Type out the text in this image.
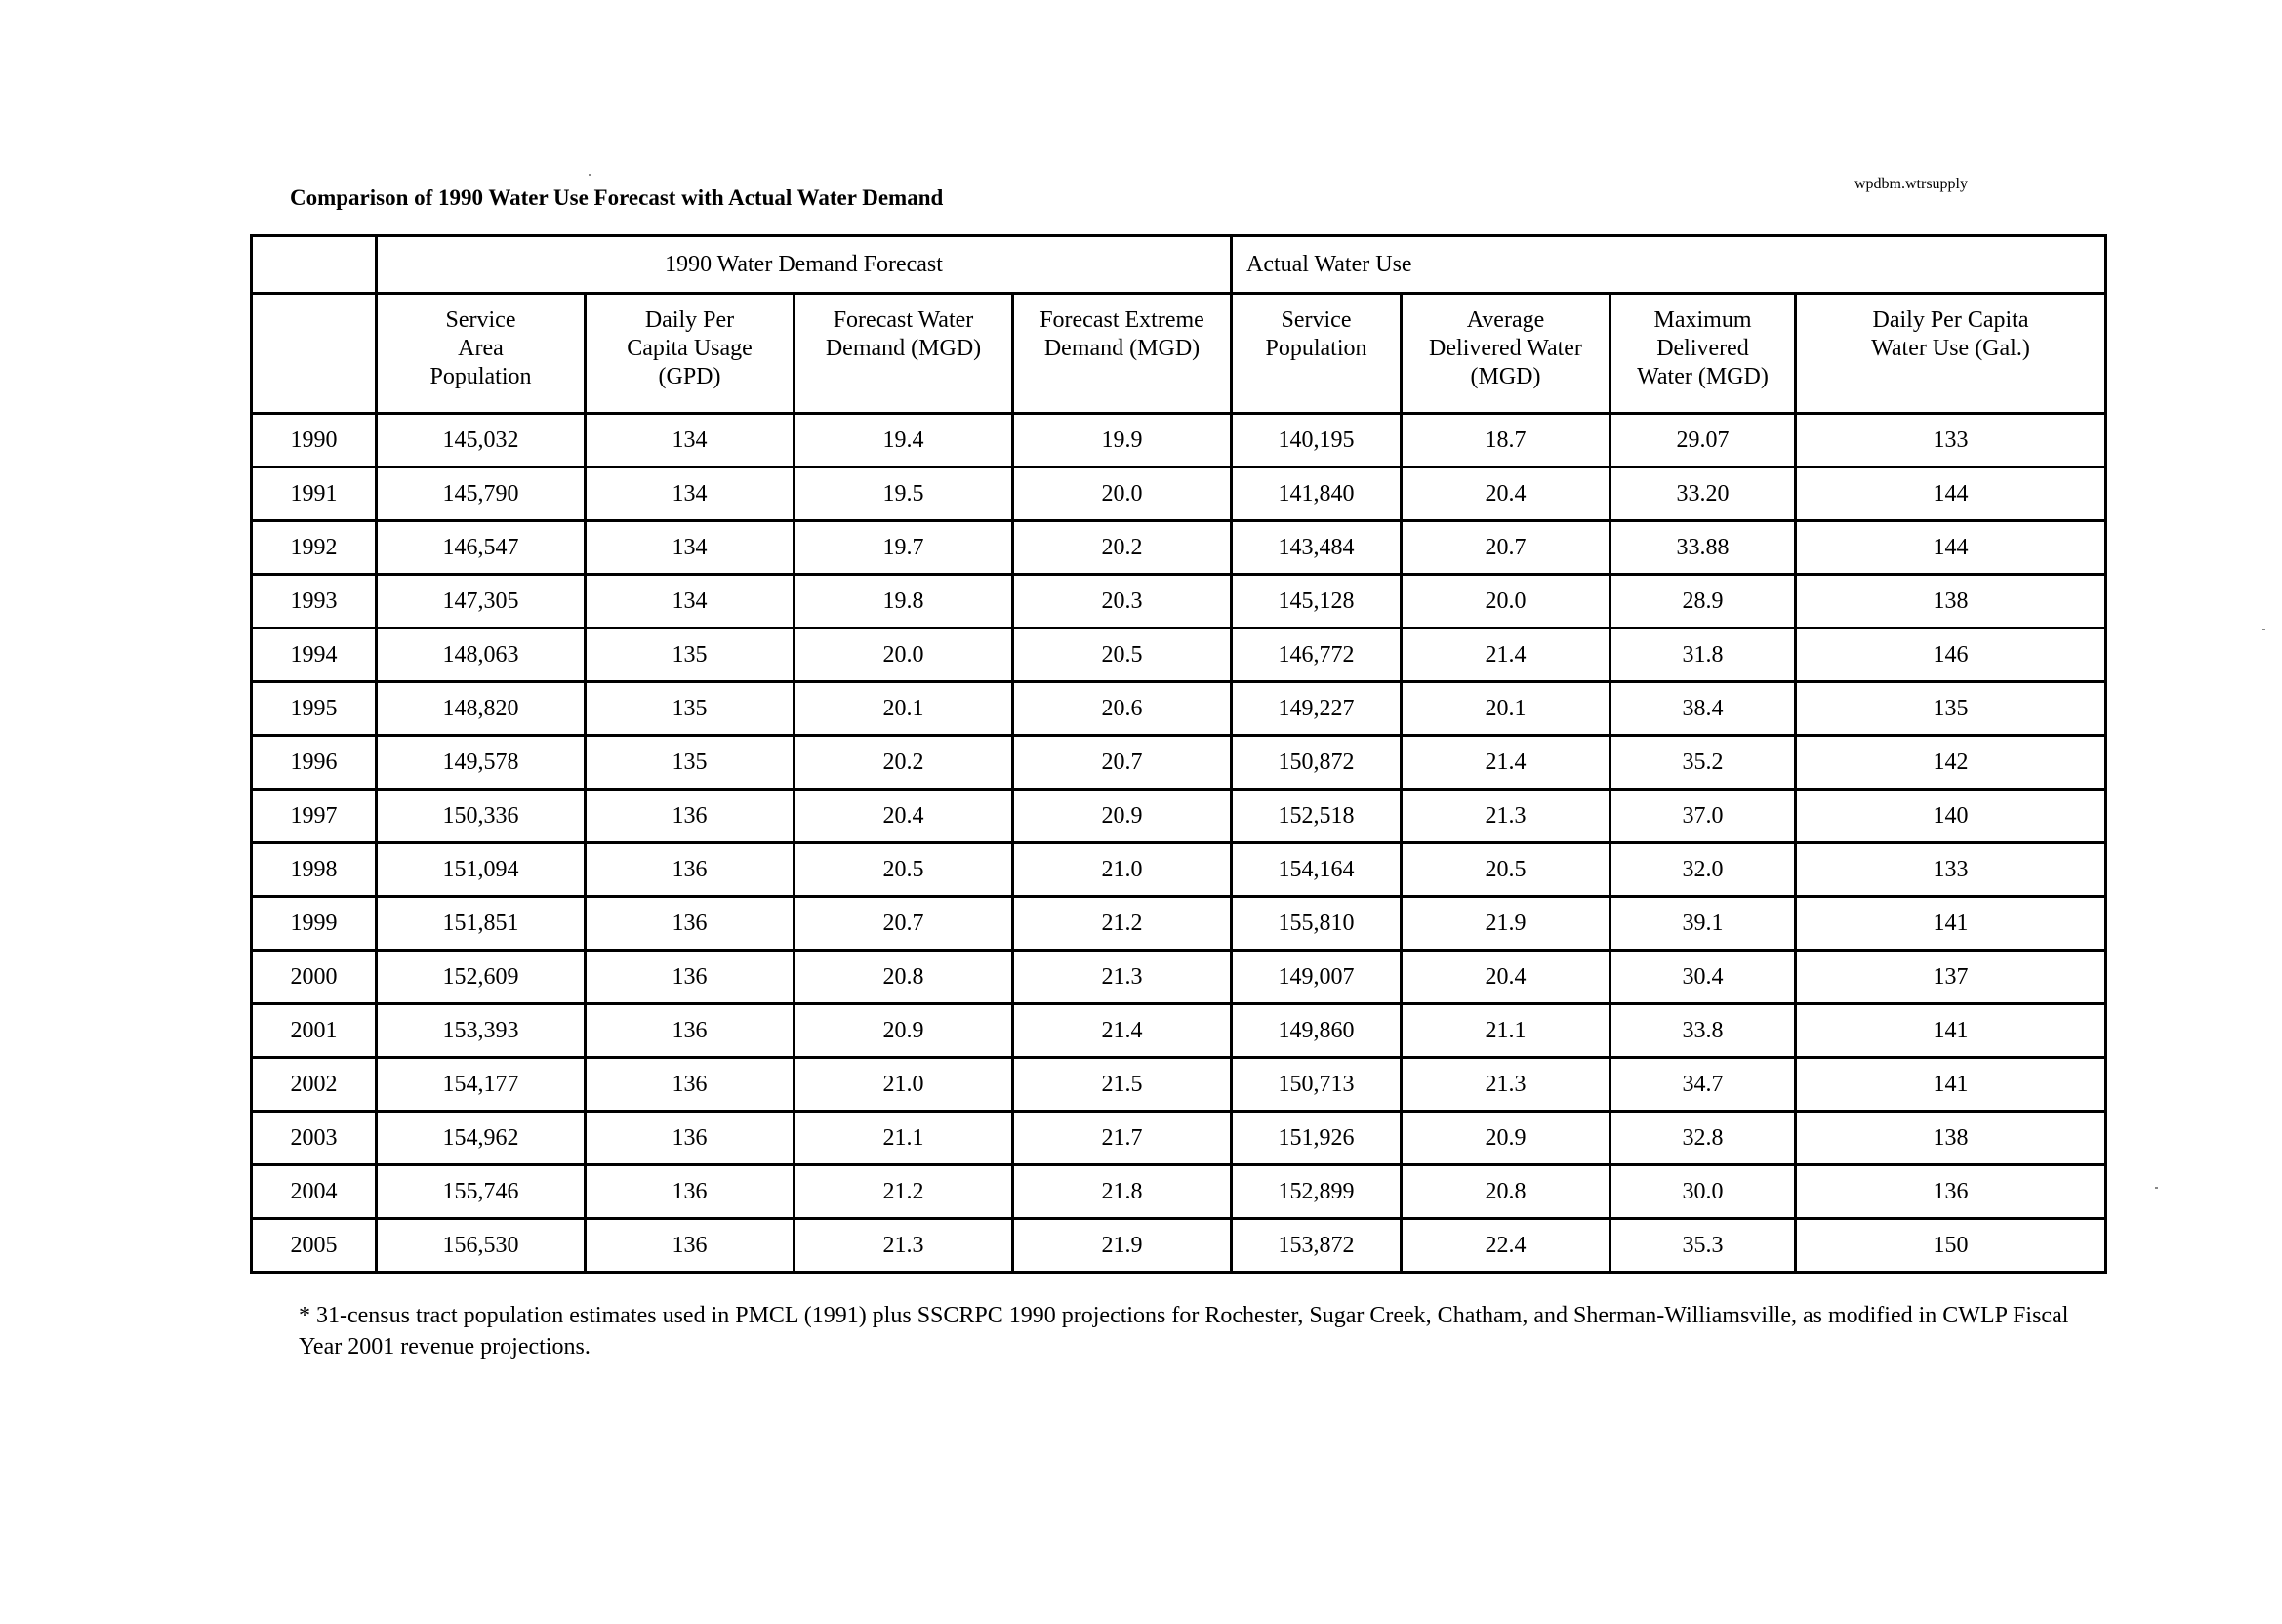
Comparison of 1990 Water Use Forecast with Actual Water Demand
wpdbm.wtrsupply
	1990 Water Demand Forecast				Actual Water Use			
	Service Area Population	Daily Per Capita Usage (GPD)	Forecast Water Demand (MGD)	Forecast Extreme Demand (MGD)	Service Population	Average Delivered Water (MGD)	Maximum Delivered Water (MGD)	Daily Per Capita Water Use (Gal.)
1990	145,032	134	19.4	19.9	140,195	18.7	29.07	133
1991	145,790	134	19.5	20.0	141,840	20.4	33.20	144
1992	146,547	134	19.7	20.2	143,484	20.7	33.88	144
1993	147,305	134	19.8	20.3	145,128	20.0	28.9	138
1994	148,063	135	20.0	20.5	146,772	21.4	31.8	146
1995	148,820	135	20.1	20.6	149,227	20.1	38.4	135
1996	149,578	135	20.2	20.7	150,872	21.4	35.2	142
1997	150,336	136	20.4	20.9	152,518	21.3	37.0	140
1998	151,094	136	20.5	21.0	154,164	20.5	32.0	133
1999	151,851	136	20.7	21.2	155,810	21.9	39.1	141
2000	152,609	136	20.8	21.3	149,007	20.4	30.4	137
2001	153,393	136	20.9	21.4	149,860	21.1	33.8	141
2002	154,177	136	21.0	21.5	150,713	21.3	34.7	141
2003	154,962	136	21.1	21.7	151,926	20.9	32.8	138
2004	155,746	136	21.2	21.8	152,899	20.8	30.0	136
2005	156,530	136	21.3	21.9	153,872	22.4	35.3	150
* 31-census tract population estimates used in PMCL (1991) plus SSCRPC 1990 projections for Rochester, Sugar Creek, Chatham, and Sherman-Williamsville, as modified in CWLP Fiscal Year 2001 revenue projections.
